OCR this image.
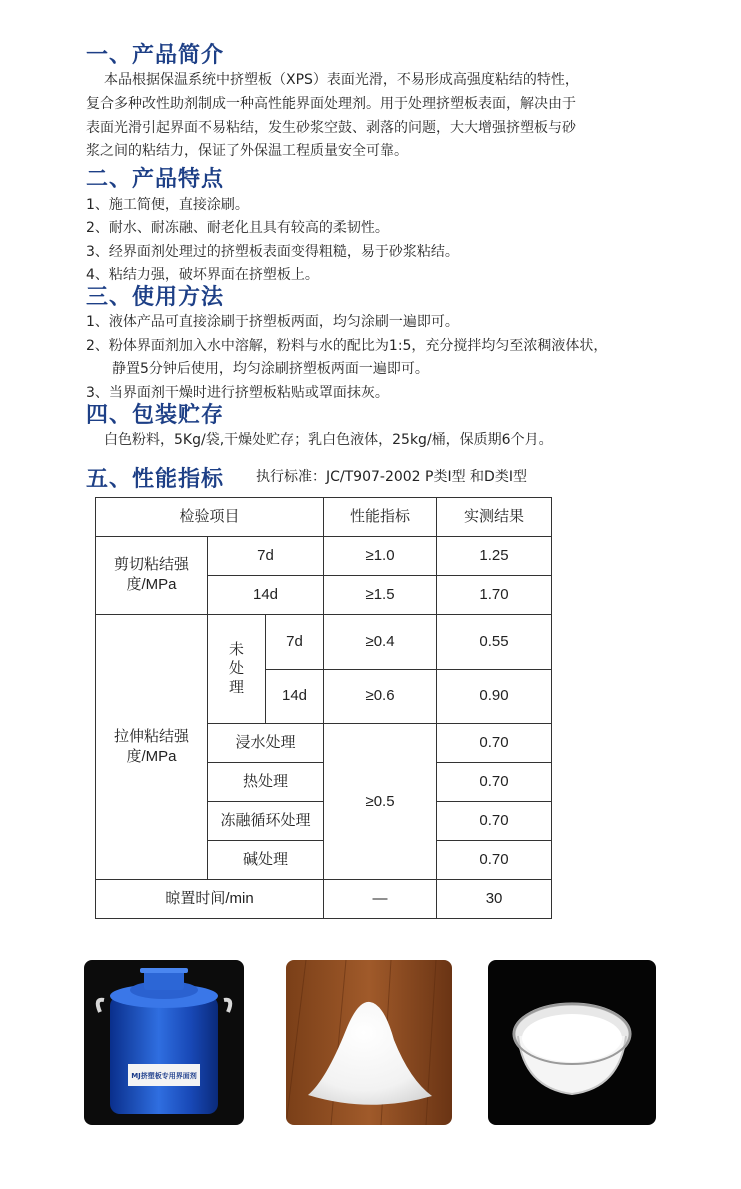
一、产品简介

本品根据保温系统中挤塑板（XPS）表面光滑，不易形成高强度粘结的特性，

复合多种改性助剂制成一种高性能界面处理剂。用于处理挤塑板表面，解决由于

表面光滑引起界面不易粘结，发生砂浆空鼓、剥落的问题，大大增强挤塑板与砂

浆之间的粘结力，保证了外保温工程质量安全可靠。

二、产品特点

1、施工简便，直接涂刷。

2、耐水、耐冻融、耐老化且具有较高的柔韧性。

3、经界面剂处理过的挤塑板表面变得粗糙，易于砂浆粘结。

4、粘结力强，破坏界面在挤塑板上。

三、使用方法

1、液体产品可直接涂刷于挤塑板两面，均匀涂刷一遍即可。

2、粉体界面剂加入水中溶解，粉料与水的配比为1:5，充分搅拌均匀至浓稠液体状，

静置5分钟后使用，均匀涂刷挤塑板两面一遍即可。

3、当界面剂干燥时进行挤塑板粘贴或罩面抹灰。

四、包装贮存

白色粉料，5Kg/袋,干燥处贮存；乳白色液体，25kg/桶，保质期6个月。

五、性能指标 执行标准：JC/T907-2002 P类Ⅰ型 和D类Ⅰ型
检验项目			性能指标	实测结果
剪切粘结强度/MPa	7d		≥1.0	1.25
	14d		≥1.5	1.70
拉伸粘结强度/MPa	未处理	7d	≥0.4	0.55
		14d	≥0.6	0.90
	浸水处理		≥0.5	0.70
	热处理			0.70
	冻融循环处理			0.70
	碱处理			0.70
晾置时间/min			—	30
MJ挤塑板专用界面剂
